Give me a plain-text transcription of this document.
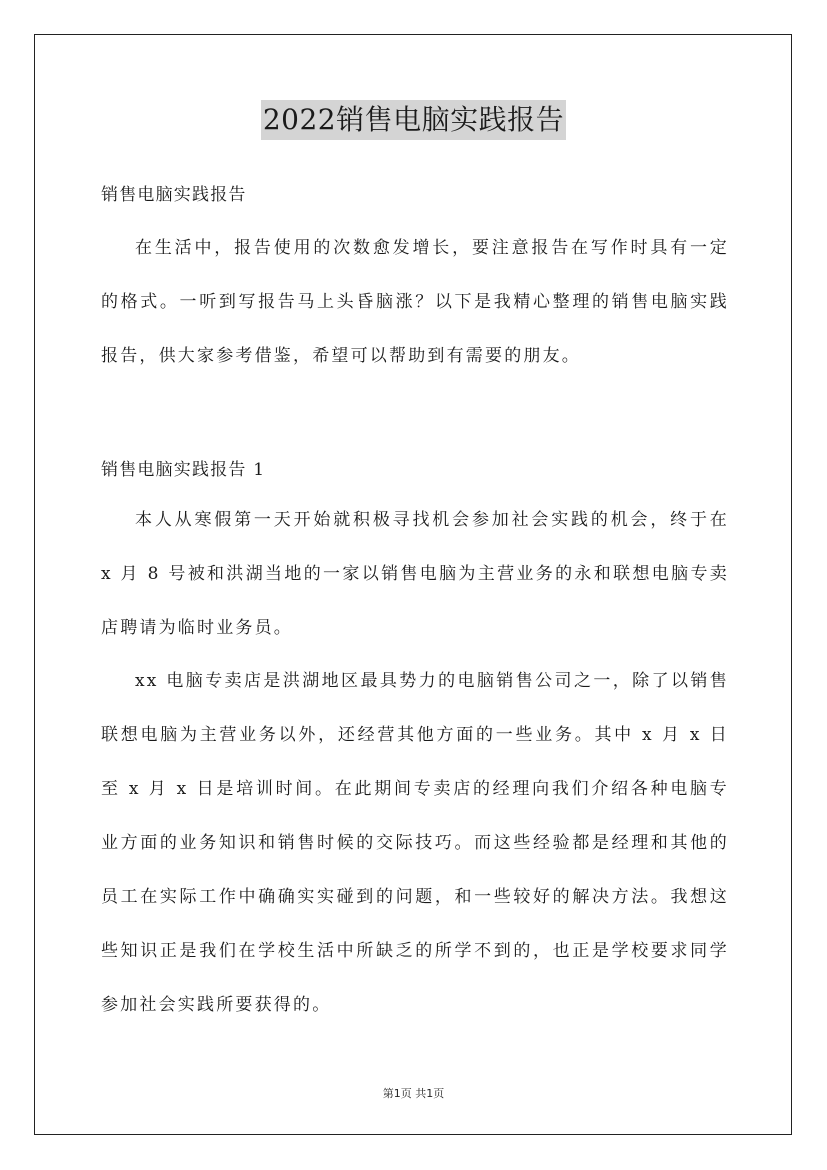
2022销售电脑实践报告
销售电脑实践报告
在生活中，报告使用的次数愈发增长，要注意报告在写作时具有一定的格式。一听到写报告马上头昏脑涨？以下是我精心整理的销售电脑实践报告，供大家参考借鉴，希望可以帮助到有需要的朋友。
销售电脑实践报告 1
本人从寒假第一天开始就积极寻找机会参加社会实践的机会，终于在 x 月 8 号被和洪湖当地的一家以销售电脑为主营业务的永和联想电脑专卖店聘请为临时业务员。
xx 电脑专卖店是洪湖地区最具势力的电脑销售公司之一，除了以销售联想电脑为主营业务以外，还经营其他方面的一些业务。其中 x 月 x 日至 x 月 x 日是培训时间。在此期间专卖店的经理向我们介绍各种电脑专业方面的业务知识和销售时候的交际技巧。而这些经验都是经理和其他的员工在实际工作中确确实实碰到的问题，和一些较好的解决方法。我想这些知识正是我们在学校生活中所缺乏的所学不到的，也正是学校要求同学参加社会实践所要获得的。
第1页 共1页
